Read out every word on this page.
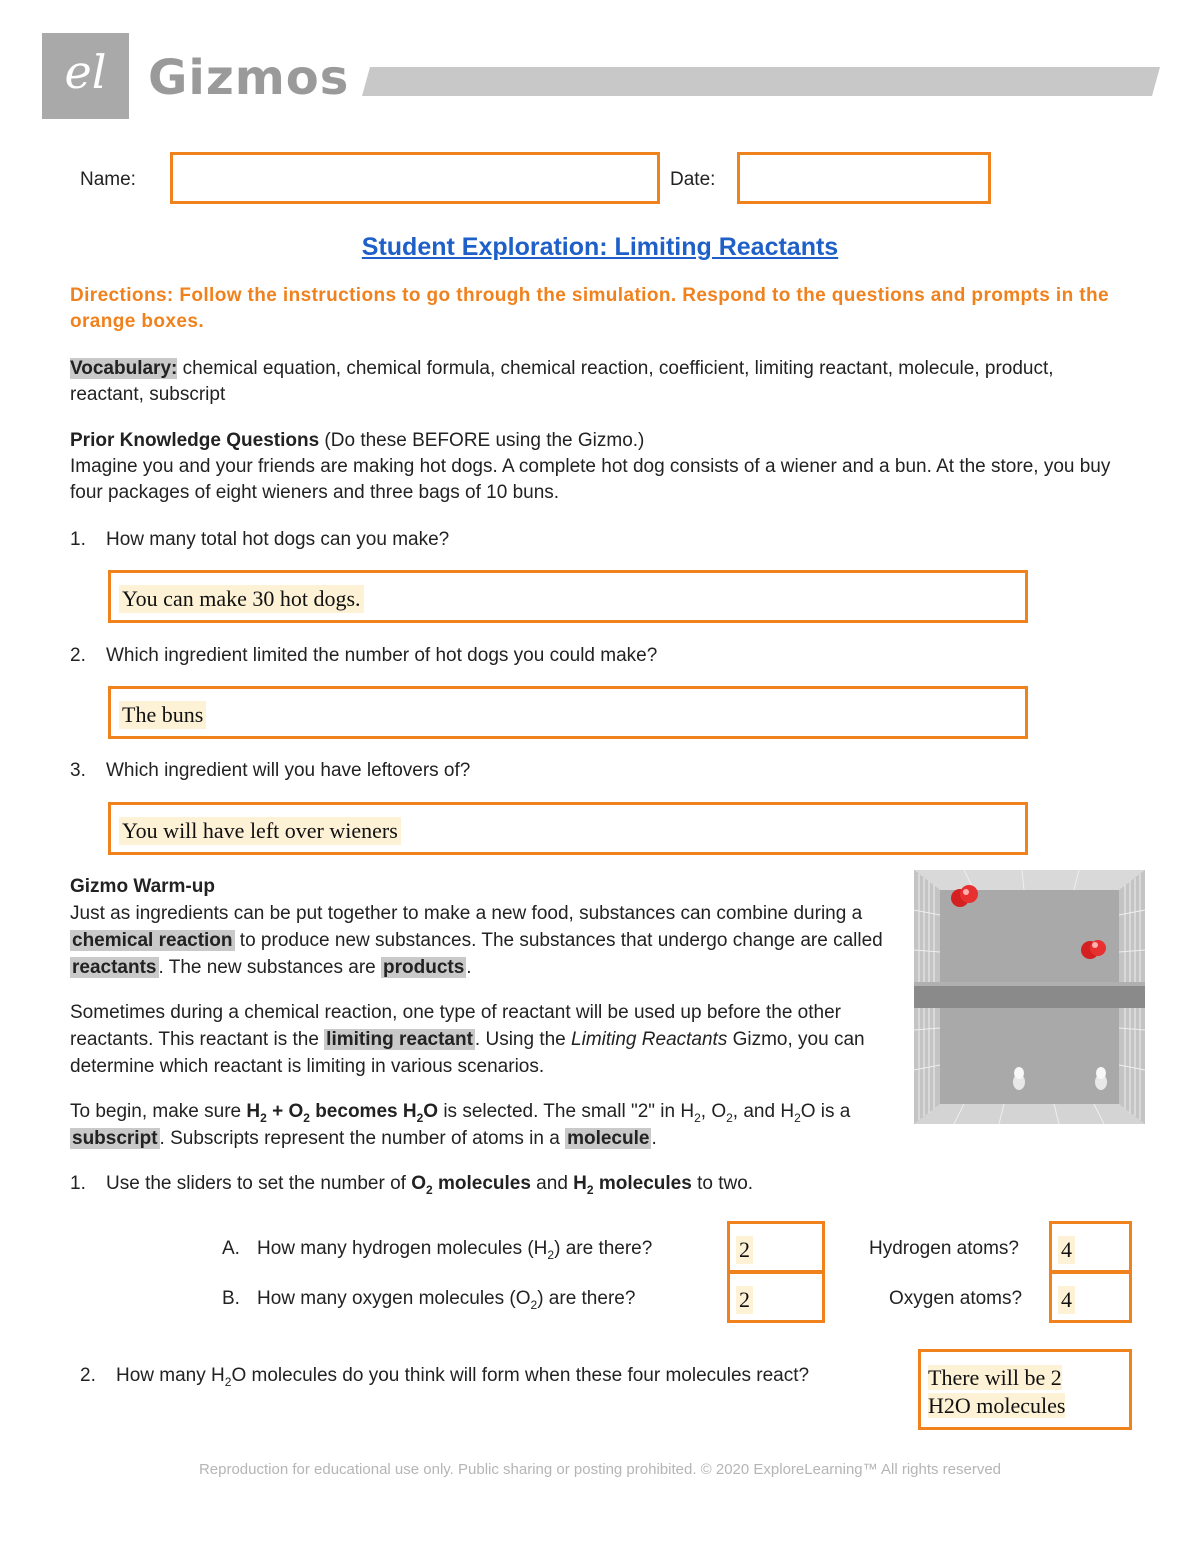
el Gizmos
Name:	Date:
Student Exploration: Limiting Reactants
Directions: Follow the instructions to go through the simulation. Respond to the questions and prompts in the orange boxes.
Vocabulary: chemical equation, chemical formula, chemical reaction, coefficient, limiting reactant, molecule, product, reactant, subscript
Prior Knowledge Questions (Do these BEFORE using the Gizmo.)
Imagine you and your friends are making hot dogs. A complete hot dog consists of a wiener and a bun. At the store, you buy four packages of eight wieners and three bags of 10 buns.
1. How many total hot dogs can you make?
You can make 30 hot dogs.
2. Which ingredient limited the number of hot dogs you could make?
The buns
3. Which ingredient will you have leftovers of?
You will have left over wieners
Gizmo Warm-up
Just as ingredients can be put together to make a new food, substances can combine during a chemical reaction to produce new substances. The substances that undergo change are called reactants . The new substances are products .
Sometimes during a chemical reaction, one type of reactant will be used up before the other reactants. This reactant is the limiting reactant . Using the Limiting Reactants Gizmo, you can determine which reactant is limiting in various scenarios.
To begin, make sure $H_2 + O_2$ becomes $H_2O$ is selected. The small "2" in $H_2$, $O_2$, and $H_2O$ is a subscript . Subscripts represent the number of atoms in a molecule .
1. Use the sliders to set the number of $O_2$ molecules and $H_2$ molecules to two.
A. How many hydrogen molecules $(H_2)$ are there?	2	Hydrogen atoms? 4
B. How many oxygen molecules $(O_2)$ are there?	2	Oxygen atoms? 4
2. How many $H_2O$ molecules do you think will form when these four molecules react?	There will be 2
H2O molecules
Reproduction for educational use only. Public sharing or posting prohibited. © 2020 ExploreLearning™ All rights reserved
